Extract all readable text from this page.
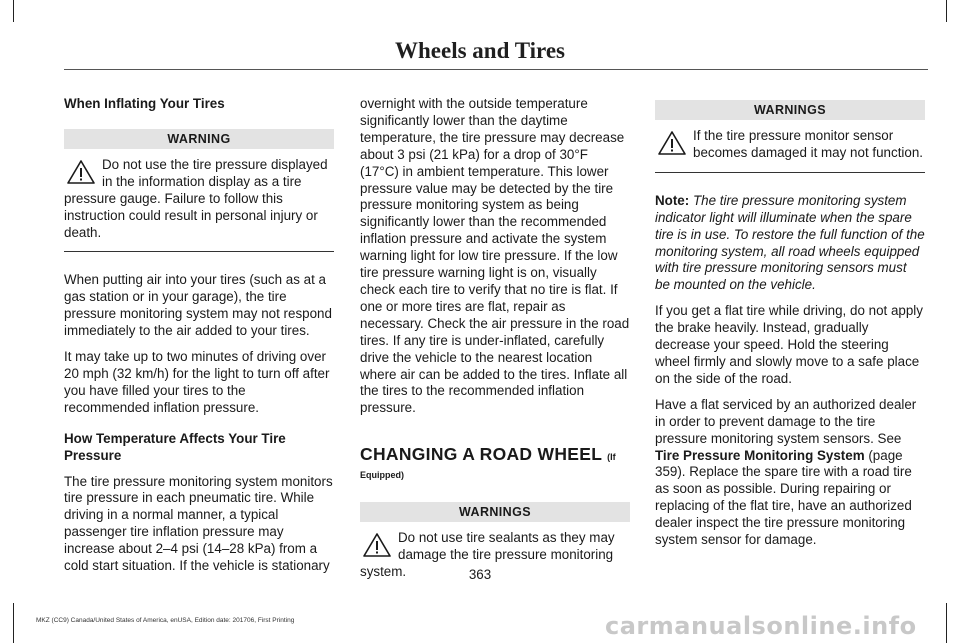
Wheels and Tires
When Inflating Your Tires
WARNING
Do not use the tire pressure displayed in the information display as a tire pressure gauge. Failure to follow this instruction could result in personal injury or death.

When putting air into your tires (such as at a gas station or in your garage), the tire pressure monitoring system may not respond immediately to the air added to your tires.

It may take up to two minutes of driving over 20 mph (32 km/h) for the light to turn off after you have filled your tires to the recommended inflation pressure.

How Temperature Affects Your Tire Pressure

The tire pressure monitoring system monitors tire pressure in each pneumatic tire. While driving in a normal manner, a typical passenger tire inflation pressure may increase about 2–4 psi (14–28 kPa) from a cold start situation. If the vehicle is stationary

overnight with the outside temperature significantly lower than the daytime temperature, the tire pressure may decrease about 3 psi (21 kPa) for a drop of 30°F (17°C) in ambient temperature. This lower pressure value may be detected by the tire pressure monitoring system as being significantly lower than the recommended inflation pressure and activate the system warning light for low tire pressure. If the low tire pressure warning light is on, visually check each tire to verify that no tire is flat. If one or more tires are flat, repair as necessary. Check the air pressure in the road tires. If any tire is under-inflated, carefully drive the vehicle to the nearest location where air can be added to the tires. Inflate all the tires to the recommended inflation pressure.

CHANGING A ROAD WHEEL (If
Equipped)
WARNINGS
Do not use tire sealants as they may damage the tire pressure monitoring system.
WARNINGS
If the tire pressure monitor sensor becomes damaged it may not function.

Note: The tire pressure monitoring system indicator light will illuminate when the spare tire is in use. To restore the full function of the monitoring system, all road wheels equipped with tire pressure monitoring sensors must be mounted on the vehicle.

If you get a flat tire while driving, do not apply the brake heavily. Instead, gradually decrease your speed. Hold the steering wheel firmly and slowly move to a safe place on the side of the road.

Have a flat serviced by an authorized dealer in order to prevent damage to the tire pressure monitoring system sensors. See Tire Pressure Monitoring System (page 359). Replace the spare tire with a road tire as soon as possible. During repairing or replacing of the flat tire, have an authorized dealer inspect the tire pressure monitoring system sensor for damage.

363
MKZ (CC9) Canada/United States of America, enUSA, Edition date: 201706, First Printing	carmanualsonline.info
